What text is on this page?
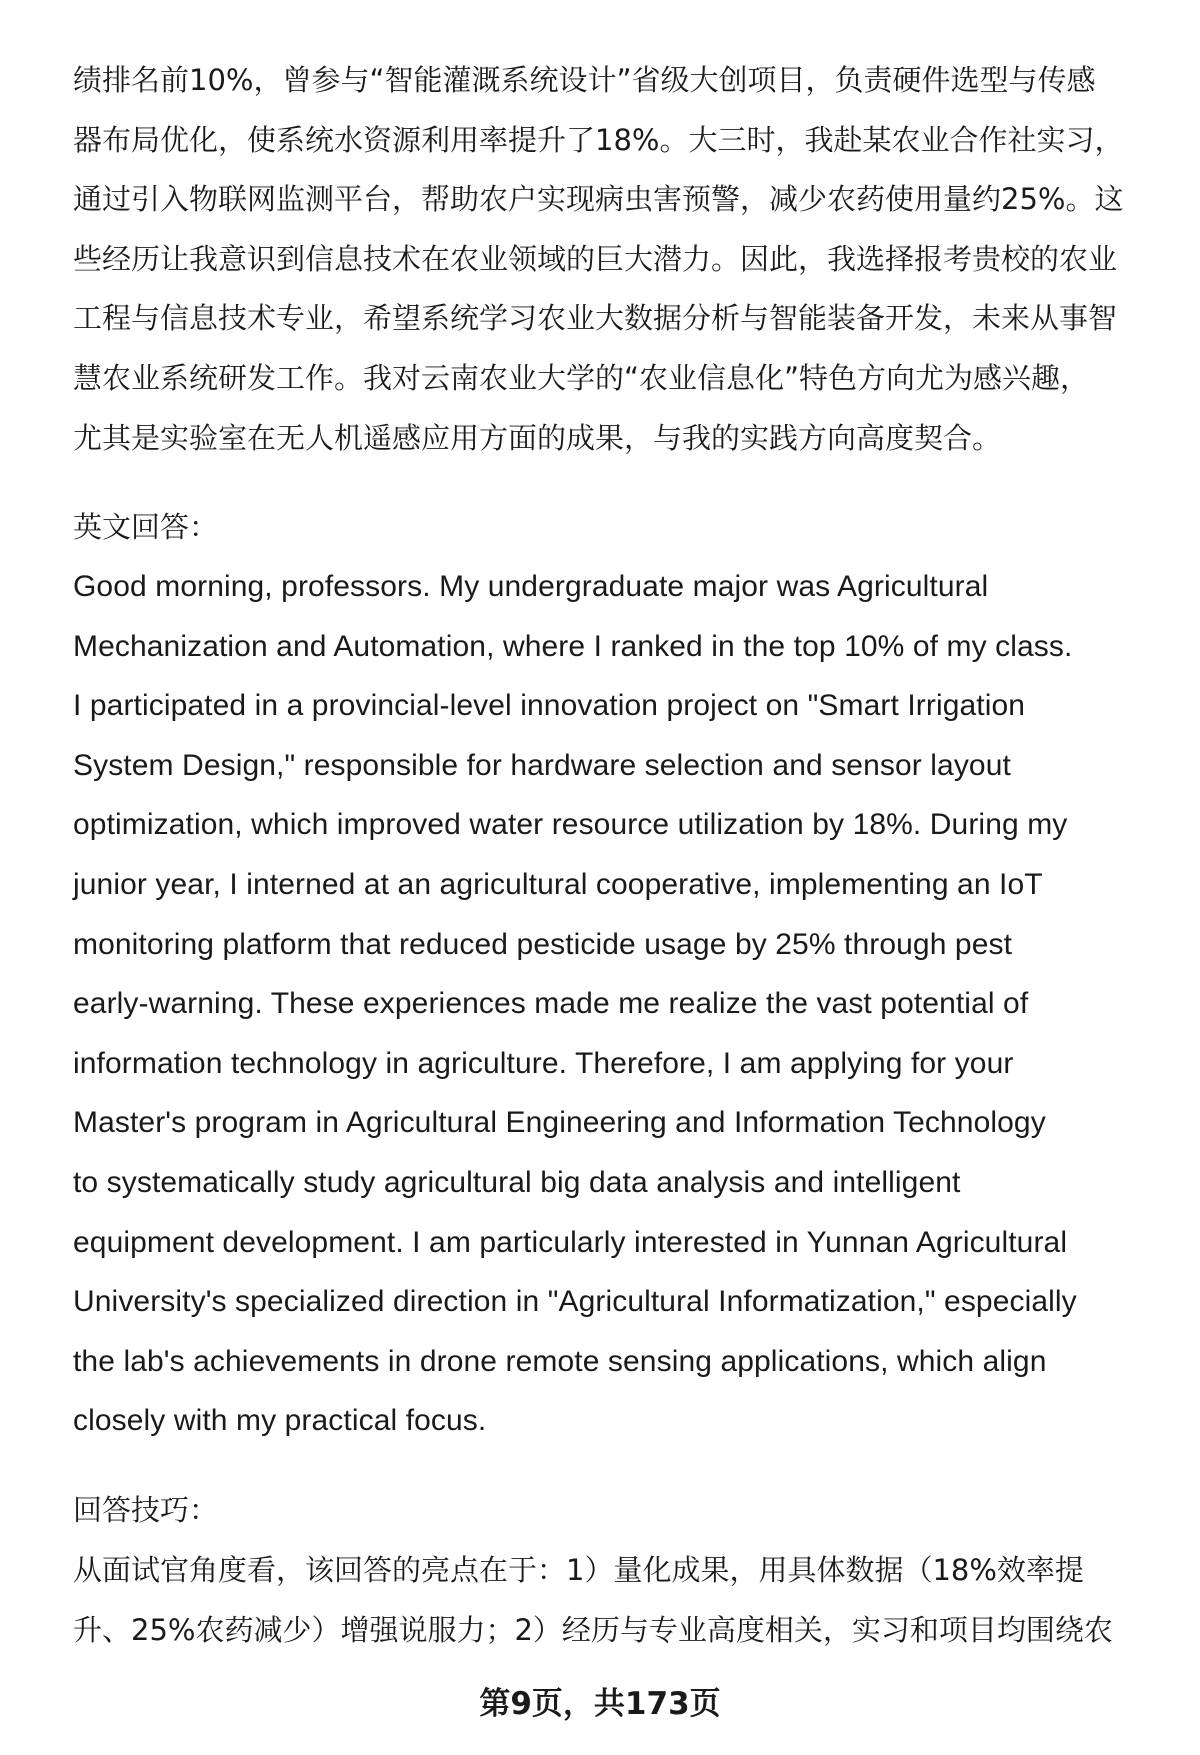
绩排名前10%，曾参与“智能灌溉系统设计”省级大创项目，负责硬件选型与传感
器布局优化，使系统水资源利用率提升了18%。大三时，我赴某农业合作社实习，
通过引入物联网监测平台，帮助农户实现病虫害预警，减少农药使用量约25%。这
些经历让我意识到信息技术在农业领域的巨大潜力。因此，我选择报考贵校的农业
工程与信息技术专业，希望系统学习农业大数据分析与智能装备开发，未来从事智
慧农业系统研发工作。我对云南农业大学的“农业信息化”特色方向尤为感兴趣，
尤其是实验室在无人机遥感应用方面的成果，与我的实践方向高度契合。
英文回答：
Good morning, professors. My undergraduate major was Agricultural
Mechanization and Automation, where I ranked in the top 10% of my class.
I participated in a provincial-level innovation project on "Smart Irrigation
System Design," responsible for hardware selection and sensor layout
optimization, which improved water resource utilization by 18%. During my
junior year, I interned at an agricultural cooperative, implementing an IoT
monitoring platform that reduced pesticide usage by 25% through pest
early-warning. These experiences made me realize the vast potential of
information technology in agriculture. Therefore, I am applying for your
Master's program in Agricultural Engineering and Information Technology
to systematically study agricultural big data analysis and intelligent
equipment development. I am particularly interested in Yunnan Agricultural
University's specialized direction in "Agricultural Informatization," especially
the lab's achievements in drone remote sensing applications, which align
closely with my practical focus.
回答技巧：
从面试官角度看，该回答的亮点在于：1）量化成果，用具体数据（18%效率提
升、25%农药减少）增强说服力；2）经历与专业高度相关，实习和项目均围绕农
第9页，共173页
